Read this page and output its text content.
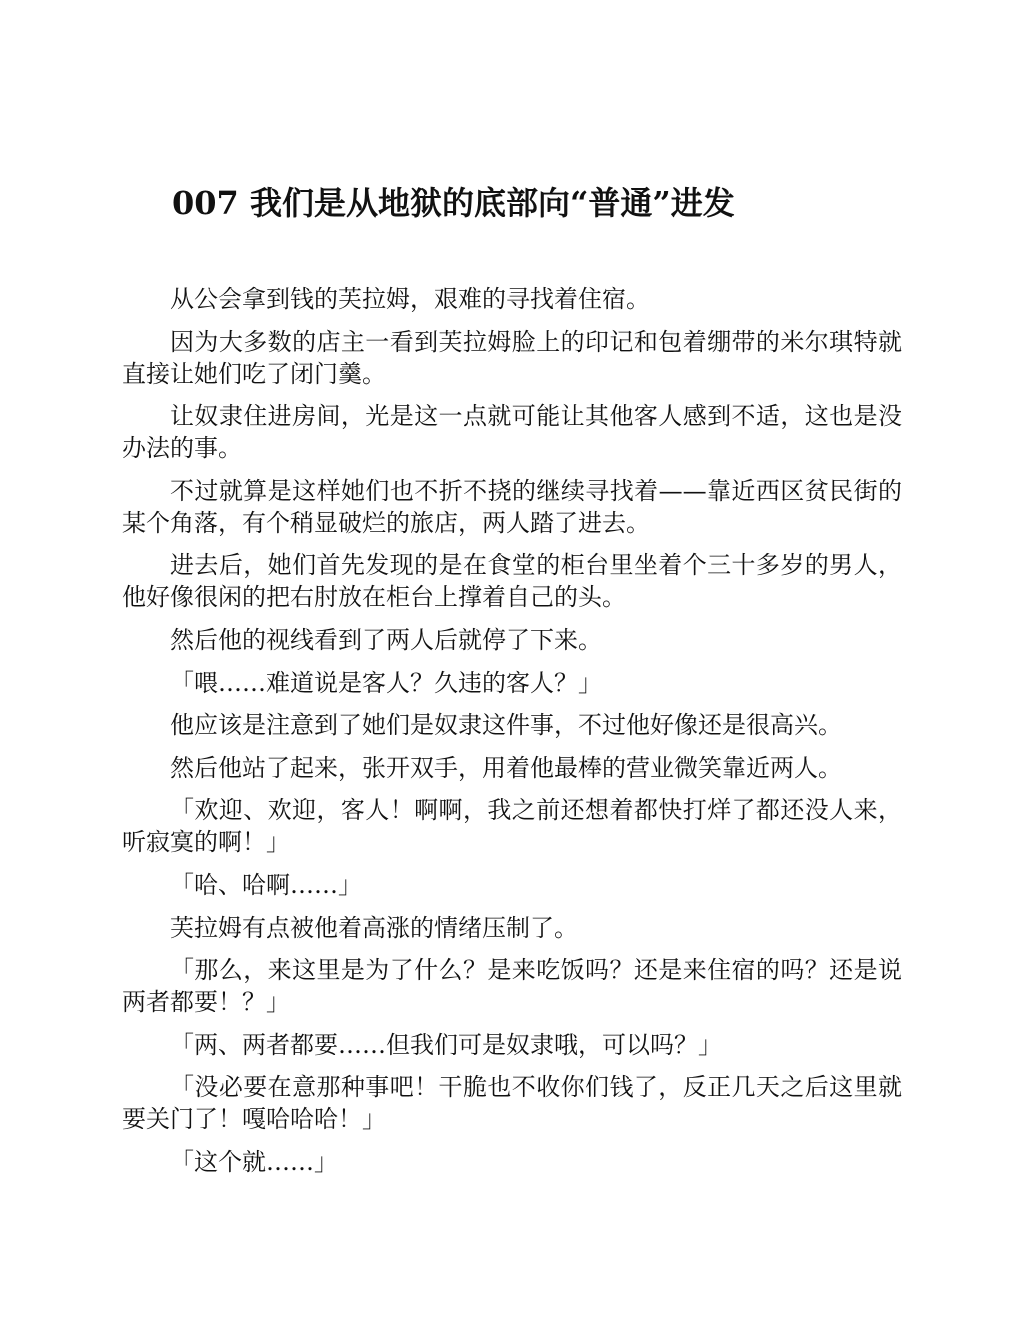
007 我们是从地狱的底部向“普通”进发

从公会拿到钱的芙拉姆，艰难的寻找着住宿。

因为大多数的店主一看到芙拉姆脸上的印记和包着绷带的米尔琪特就直接让她们吃了闭门羹。

让奴隶住进房间，光是这一点就可能让其他客人感到不适，这也是没办法的事。

不过就算是这样她们也不折不挠的继续寻找着——靠近西区贫民街的某个角落，有个稍显破烂的旅店，两人踏了进去。

进去后，她们首先发现的是在食堂的柜台里坐着个三十多岁的男人，他好像很闲的把右肘放在柜台上撑着自己的头。

然后他的视线看到了两人后就停了下来。

「喂……难道说是客人？久违的客人？」

他应该是注意到了她们是奴隶这件事，不过他好像还是很高兴。

然后他站了起来，张开双手，用着他最棒的营业微笑靠近两人。

「欢迎、欢迎，客人！啊啊，我之前还想着都快打烊了都还没人来，听寂寞的啊！」

「哈、哈啊……」

芙拉姆有点被他着高涨的情绪压制了。

「那么，来这里是为了什么？是来吃饭吗？还是来住宿的吗？还是说两者都要！？」

「两、两者都要……但我们可是奴隶哦，可以吗？」

「没必要在意那种事吧！干脆也不收你们钱了，反正几天之后这里就要关门了！嘎哈哈哈！」

「这个就……」
